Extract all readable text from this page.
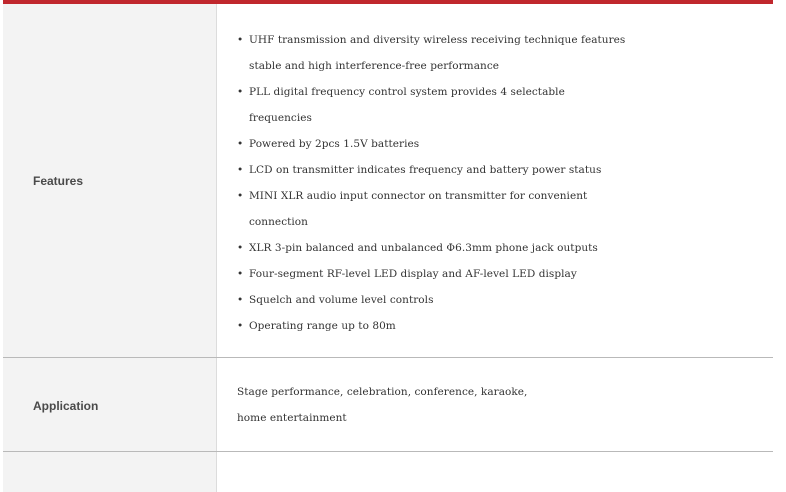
Features
• UHF transmission and diversity wireless receiving technique features
stable and high interference-free performance
• PLL digital frequency control system provides 4 selectable
frequencies
• Powered by 2pcs 1.5V batteries
• LCD on transmitter indicates frequency and battery power status
• MINI XLR audio input connector on transmitter for convenient
connection
• XLR 3-pin balanced and unbalanced Φ6.3mm phone jack outputs
• Four-segment RF-level LED display and AF-level LED display
• Squelch and volume level controls
• Operating range up to 80m
Application
Stage performance, celebration, conference, karaoke,
home entertainment
